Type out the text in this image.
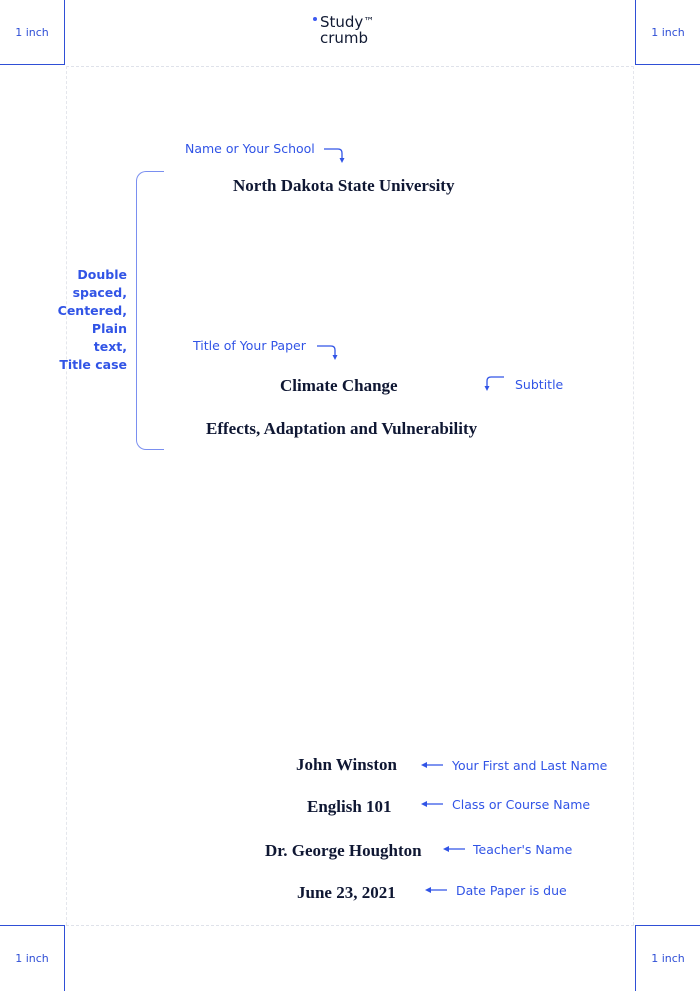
1 inch	1 inch
1 inch	1 inch
Study™
crumb
Name or Your School
Double
spaced,
Centered,
Plain text,
Title case
Title of Your Paper
Subtitle
North Dakota State University
Climate Change
Effects, Adaptation and Vulnerability
John Winston	Your First and Last Name
English 101	Class or Course Name
Dr. George Houghton	Teacher's Name
June 23, 2021	Date Paper is due
